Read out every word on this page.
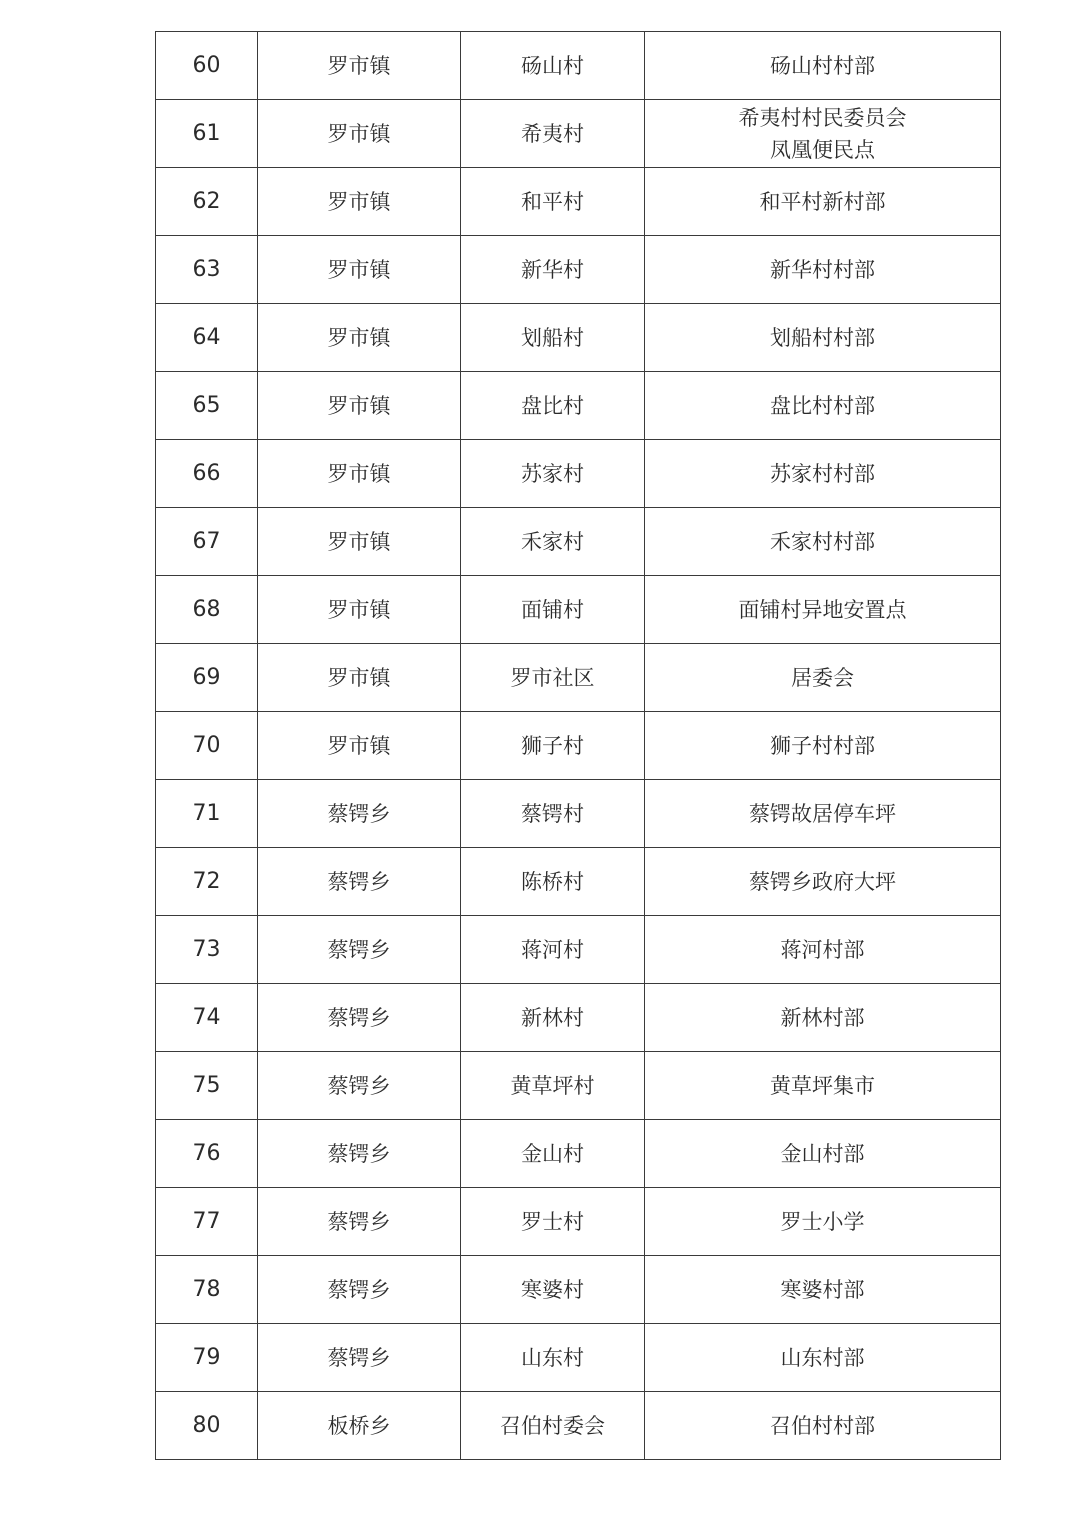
60	罗市镇	砀山村	砀山村村部

61	罗市镇	希夷村	希夷村村民委员会
凤凰便民点

62	罗市镇	和平村	和平村新村部

63	罗市镇	新华村	新华村村部

64	罗市镇	划船村	划船村村部

65	罗市镇	盘比村	盘比村村部

66	罗市镇	苏家村	苏家村村部

67	罗市镇	禾家村	禾家村村部

68	罗市镇	面铺村	面铺村异地安置点

69	罗市镇	罗市社区	居委会

70	罗市镇	狮子村	狮子村村部

71	蔡锷乡	蔡锷村	蔡锷故居停车坪

72	蔡锷乡	陈桥村	蔡锷乡政府大坪

73	蔡锷乡	蒋河村	蒋河村部

74	蔡锷乡	新林村	新林村部

75	蔡锷乡	黄草坪村	黄草坪集市

76	蔡锷乡	金山村	金山村部

77	蔡锷乡	罗士村	罗士小学

78	蔡锷乡	寒婆村	寒婆村部

79	蔡锷乡	山东村	山东村部

80	板桥乡	召伯村委会	召伯村村部
